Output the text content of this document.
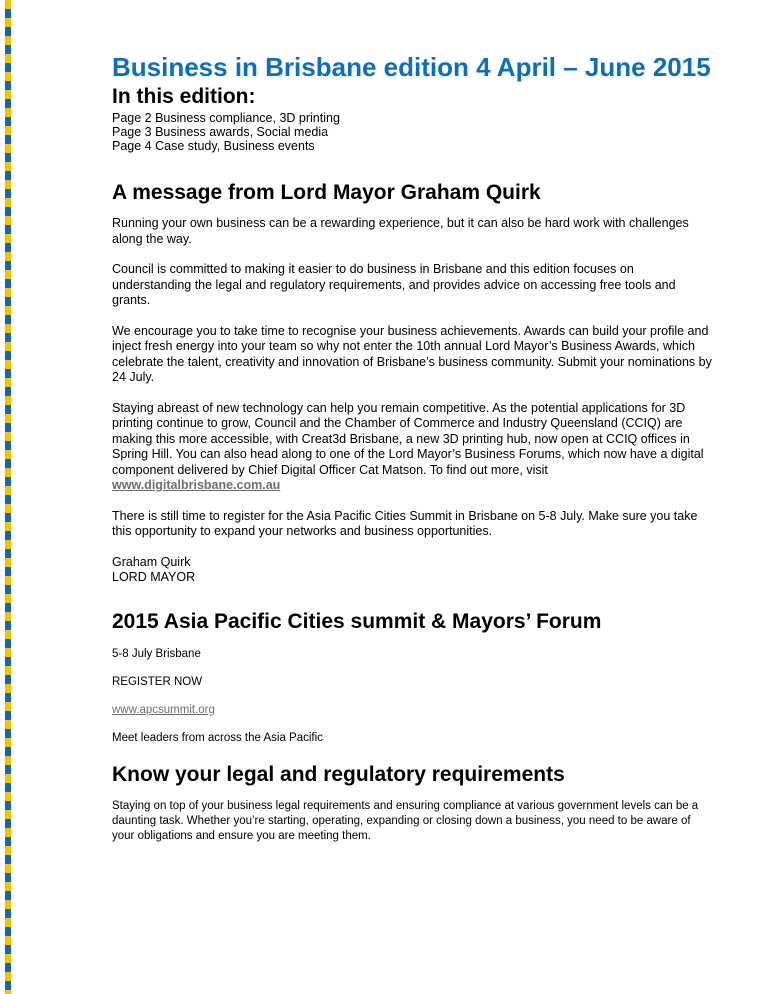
Business in Brisbane edition 4 April – June 2015
In this edition:

Page 2 Business compliance, 3D printing

Page 3 Business awards, Social media

Page 4 Case study, Business events

A message from Lord Mayor Graham Quirk

Running your own business can be a rewarding experience, but it can also be hard work with challenges along the way.

Council is committed to making it easier to do business in Brisbane and this edition focuses on understanding the legal and regulatory requirements, and provides advice on accessing free tools and grants.

We encourage you to take time to recognise your business achievements. Awards can build your profile and inject fresh energy into your team so why not enter the 10th annual Lord Mayor’s Business Awards, which celebrate the talent, creativity and innovation of Brisbane’s business community. Submit your nominations by 24 July.

Staying abreast of new technology can help you remain competitive. As the potential applications for 3D printing continue to grow, Council and the Chamber of Commerce and Industry Queensland (CCIQ) are making this more accessible, with Creat3d Brisbane, a new 3D printing hub, now open at CCIQ offices in Spring Hill. You can also head along to one of the Lord Mayor’s Business Forums, which now have a digital component delivered by Chief Digital Officer Cat Matson. To find out more, visit www.digitalbrisbane.com.au

There is still time to register for the Asia Pacific Cities Summit in Brisbane on 5-8 July. Make sure you take this opportunity to expand your networks and business opportunities.

Graham Quirk

LORD MAYOR

2015 Asia Pacific Cities summit & Mayors’ Forum

5-8 July Brisbane

REGISTER NOW

www.apcsummit.org

Meet leaders from across the Asia Pacific

Know your legal and regulatory requirements

Staying on top of your business legal requirements and ensuring compliance at various government levels can be a daunting task. Whether you’re starting, operating, expanding or closing down a business, you need to be aware of your obligations and ensure you are meeting them.
